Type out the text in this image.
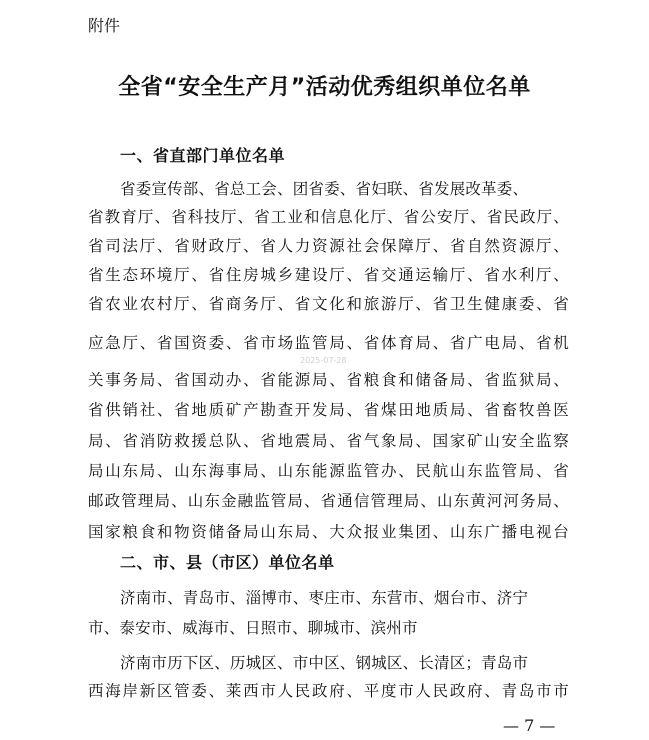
附件
全省“安全生产月”活动优秀组织单位名单
一、省直部门单位名单
省委宣传部、省总工会、团省委、省妇联、省发展改革委、
省教育厅、省科技厅、省工业和信息化厅、省公安厅、省民政厅、
省司法厅、省财政厅、省人力资源社会保障厅、省自然资源厅、
省生态环境厅、省住房城乡建设厅、省交通运输厅、省水利厅、
省农业农村厅、省商务厅、省文化和旅游厅、省卫生健康委、省
应急厅、省国资委、省市场监管局、省体育局、省广电局、省机
关事务局、省国动办、省能源局、省粮食和储备局、省监狱局、
省供销社、省地质矿产勘查开发局、省煤田地质局、省畜牧兽医
局、省消防救援总队、省地震局、省气象局、国家矿山安全监察
局山东局、山东海事局、山东能源监管办、民航山东监管局、省
邮政管理局、山东金融监管局、省通信管理局、山东黄河河务局、
国家粮食和物资储备局山东局、大众报业集团、山东广播电视台
2025-07-28
二、市、县（市区）单位名单
济南市、青岛市、淄博市、枣庄市、东营市、烟台市、济宁
市、泰安市、威海市、日照市、聊城市、滨州市
济南市历下区、历城区、市中区、钢城区、长清区；青岛市
西海岸新区管委、莱西市人民政府、平度市人民政府、青岛市市
— 7 —
